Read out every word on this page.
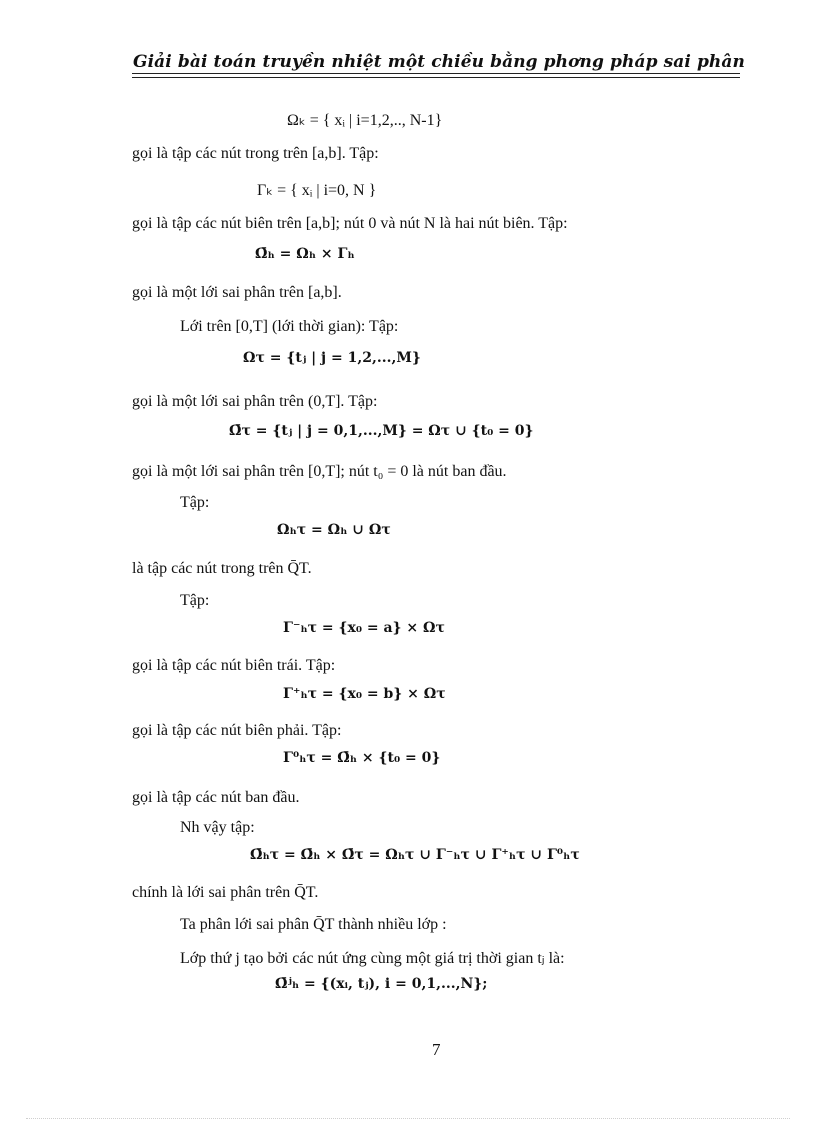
Giải bài toán truyền nhiệt một chiều bằng phơng pháp sai phân
Ωₖ = { xᵢ | i=1,2,.., N-1}
gọi là tập các nút trong trên [a,b]. Tập:
Γₖ = { xᵢ | i=0, N }
gọi là tập các nút biên trên [a,b]; nút 0 và nút N là hai nút biên. Tập:
Ω̄ₕ = Ωₕ × Γₕ
gọi là một lới sai phân trên [a,b].
Lới trên [0,T] (lới thời gian): Tập:
Ωτ = {tⱼ | j = 1,2,...,M}
gọi là một lới sai phân trên (0,T]. Tập:
Ω̄τ = {tⱼ | j = 0,1,...,M} = Ωτ ∪ {t₀ = 0}
gọi là một lới sai phân trên [0,T]; nút t₀ = 0 là nút ban đầu.
Tập:
Ωₕτ = Ωₕ ∪ Ωτ
là tập các nút trong trên Q̄T.
Tập:
Γ⁻ₕτ = {x₀ = a} × Ωτ
gọi là tập các nút biên trái. Tập:
Γ⁺ₕτ = {x₀ = b} × Ωτ
gọi là tập các nút biên phải. Tập:
Γ⁰ₕτ = Ω̄ₕ × {t₀ = 0}
gọi là tập các nút ban đầu.
Nh vậy tập:
Ω̄ₕτ = Ω̄ₕ × Ω̄τ = Ωₕτ ∪ Γ⁻ₕτ ∪ Γ⁺ₕτ ∪ Γ⁰ₕτ
chính là lới sai phân trên Q̄T.
Ta phân lới sai phân Q̄T thành nhiều lớp :
Lớp thứ j tạo bởi các nút ứng cùng một giá trị thời gian tⱼ là:
Ω̄ʲₕ = {(xᵢ, tⱼ), i = 0,1,...,N};
7
